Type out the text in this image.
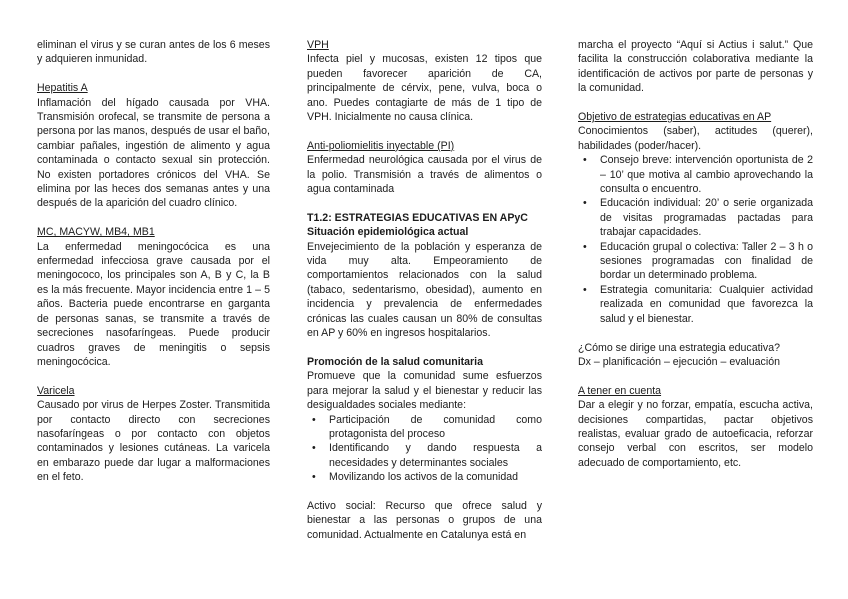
eliminan el virus y se curan antes de los 6 meses y adquieren inmunidad.
Hepatitis A
Inflamación del hígado causada por VHA. Transmisión orofecal, se transmite de persona a persona por las manos, después de usar el baño, cambiar pañales, ingestión de alimento y agua contaminada o contacto sexual sin protección. No existen portadores crónicos del VHA. Se elimina por las heces dos semanas antes y una después de la aparición del cuadro clínico.
MC, MACYW, MB4, MB1
La enfermedad meningocócica es una enfermedad infecciosa grave causada por el meningococo, los principales son A, B y C, la B es la más frecuente. Mayor incidencia entre 1 – 5 años. Bacteria puede encontrarse en garganta de personas sanas, se transmite a través de secreciones nasofaríngeas. Puede producir cuadros graves de meningitis o sepsis meningocócica.
Varicela
Causado por virus de Herpes Zoster. Transmitida por contacto directo con secreciones nasofaríngeas o por contacto con objetos contaminados y lesiones cutáneas. La varicela en embarazo puede dar lugar a malformaciones en el feto.
VPH
Infecta piel y mucosas, existen 12 tipos que pueden favorecer aparición de CA, principalmente de cérvix, pene, vulva, boca o ano. Puedes contagiarte de más de 1 tipo de VPH. Inicialmente no causa clínica.
Anti-poliomielitis inyectable (PI)
Enfermedad neurológica causada por el virus de la polio. Transmisión a través de alimentos o agua contaminada
T1.2: ESTRATEGIAS EDUCATIVAS EN APyC
Situación epidemiológica actual
Envejecimiento de la población y esperanza de vida muy alta. Empeoramiento de comportamientos relacionados con la salud (tabaco, sedentarismo, obesidad), aumento en incidencia y prevalencia de enfermedades crónicas las cuales causan un 80% de consultas en AP y 60% en ingresos hospitalarios.
Promoción de la salud comunitaria
Promueve que la comunidad sume esfuerzos para mejorar la salud y el bienestar y reducir las desigualdades sociales mediante:
• Participación de comunidad como protagonista del proceso
• Identificando y dando respuesta a necesidades y determinantes sociales
• Movilizando los activos de la comunidad
Activo social: Recurso que ofrece salud y bienestar a las personas o grupos de una comunidad. Actualmente en Catalunya está en
marcha el proyecto “Aquí si Actius i salut.” Que facilita la construcción colaborativa mediante la identificación de activos por parte de personas y la comunidad.
Objetivo de estrategias educativas en AP
Conocimientos (saber), actitudes (querer), habilidades (poder/hacer).
• Consejo breve: intervención oportunista de 2 – 10’ que motiva al cambio aprovechando la consulta o encuentro.
• Educación individual: 20’ o serie organizada de visitas programadas pactadas para trabajar capacidades.
• Educación grupal o colectiva: Taller 2 – 3 h o sesiones programadas con finalidad de bordar un determinado problema.
• Estrategia comunitaria: Cualquier actividad realizada en comunidad que favorezca la salud y el bienestar.
¿Cómo se dirige una estrategia educativa?
Dx – planificación – ejecución – evaluación
A tener en cuenta
Dar a elegir y no forzar, empatía, escucha activa, decisiones compartidas, pactar objetivos realistas, evaluar grado de autoeficacia, reforzar consejo verbal con escritos, ser modelo adecuado de comportamiento, etc.
